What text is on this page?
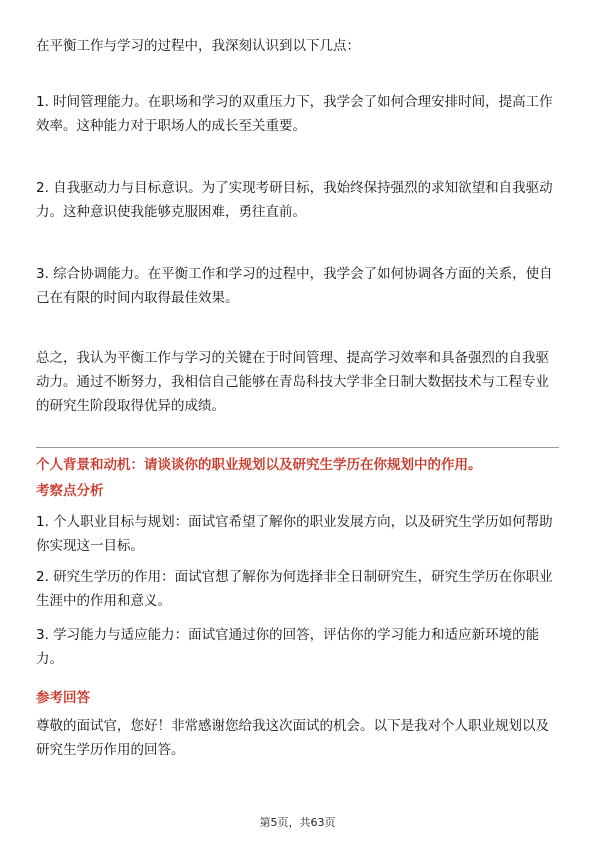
在平衡工作与学习的过程中，我深刻认识到以下几点：

1. 时间管理能力。在职场和学习的双重压力下，我学会了如何合理安排时间，提高工作效率。这种能力对于职场人的成长至关重要。

2. 自我驱动力与目标意识。为了实现考研目标，我始终保持强烈的求知欲望和自我驱动力。这种意识使我能够克服困难，勇往直前。

3. 综合协调能力。在平衡工作和学习的过程中，我学会了如何协调各方面的关系，使自己在有限的时间内取得最佳效果。

总之，我认为平衡工作与学习的关键在于时间管理、提高学习效率和具备强烈的自我驱动力。通过不断努力，我相信自己能够在青岛科技大学非全日制大数据技术与工程专业的研究生阶段取得优异的成绩。

个人背景和动机：请谈谈你的职业规划以及研究生学历在你规划中的作用。

考察点分析

1. 个人职业目标与规划：面试官希望了解你的职业发展方向，以及研究生学历如何帮助你实现这一目标。

2. 研究生学历的作用：面试官想了解你为何选择非全日制研究生，研究生学历在你职业生涯中的作用和意义。

3. 学习能力与适应能力：面试官通过你的回答，评估你的学习能力和适应新环境的能力。

参考回答

尊敬的面试官，您好！非常感谢您给我这次面试的机会。以下是我对个人职业规划以及研究生学历作用的回答。

第5页，共63页
